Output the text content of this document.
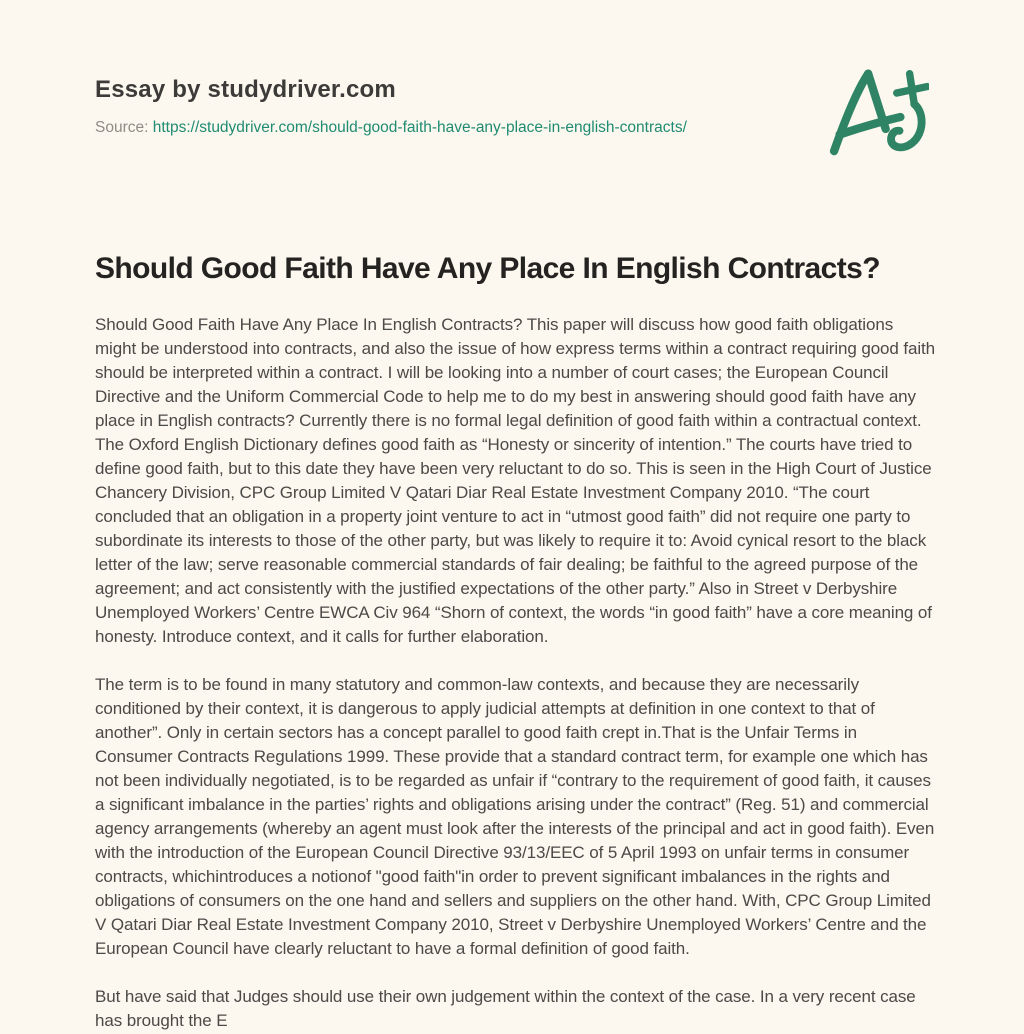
Essay by studydriver.com
Source: https://studydriver.com/should-good-faith-have-any-place-in-english-contracts/
Should Good Faith Have Any Place In English Contracts?

Should Good Faith Have Any Place In English Contracts? This paper will discuss how good faith obligations might be understood into contracts, and also the issue of how express terms within a contract requiring good faith should be interpreted within a contract. I will be looking into a number of court cases; the European Council Directive and the Uniform Commercial Code to help me to do my best in answering should good faith have any place in English contracts? Currently there is no formal legal definition of good faith within a contractual context. The Oxford English Dictionary defines good faith as “Honesty or sincerity of intention.” The courts have tried to define good faith, but to this date they have been very reluctant to do so. This is seen in the High Court of Justice Chancery Division, CPC Group Limited V Qatari Diar Real Estate Investment Company 2010. “The court concluded that an obligation in a property joint venture to act in “utmost good faith” did not require one party to subordinate its interests to those of the other party, but was likely to require it to: Avoid cynical resort to the black letter of the law; serve reasonable commercial standards of fair dealing; be faithful to the agreed purpose of the agreement; and act consistently with the justified expectations of the other party.” Also in Street v Derbyshire Unemployed Workers’ Centre EWCA Civ 964 “Shorn of context, the words “in good faith” have a core meaning of honesty. Introduce context, and it calls for further elaboration.

The term is to be found in many statutory and common-law contexts, and because they are necessarily conditioned by their context, it is dangerous to apply judicial attempts at definition in one context to that of another”. Only in certain sectors has a concept parallel to good faith crept in.That is the Unfair Terms in Consumer Contracts Regulations 1999. These provide that a standard contract term, for example one which has not been individually negotiated, is to be regarded as unfair if “contrary to the requirement of good faith, it causes a significant imbalance in the parties’ rights and obligations arising under the contract” (Reg. 51) and commercial agency arrangements (whereby an agent must look after the interests of the principal and act in good faith). Even with the introduction of the European Council Directive 93/13/EEC of 5 April 1993 on unfair terms in consumer contracts, whichintroduces a notionof "good faith"in order to prevent significant imbalances in the rights and obligations of consumers on the one hand and sellers and suppliers on the other hand. With, CPC Group Limited V Qatari Diar Real Estate Investment Company 2010, Street v Derbyshire Unemployed Workers’ Centre and the European Council have clearly reluctant to have a formal definition of good faith.

But have said that Judges should use their own judgement within the context of the case. In a very recent case has brought the E
